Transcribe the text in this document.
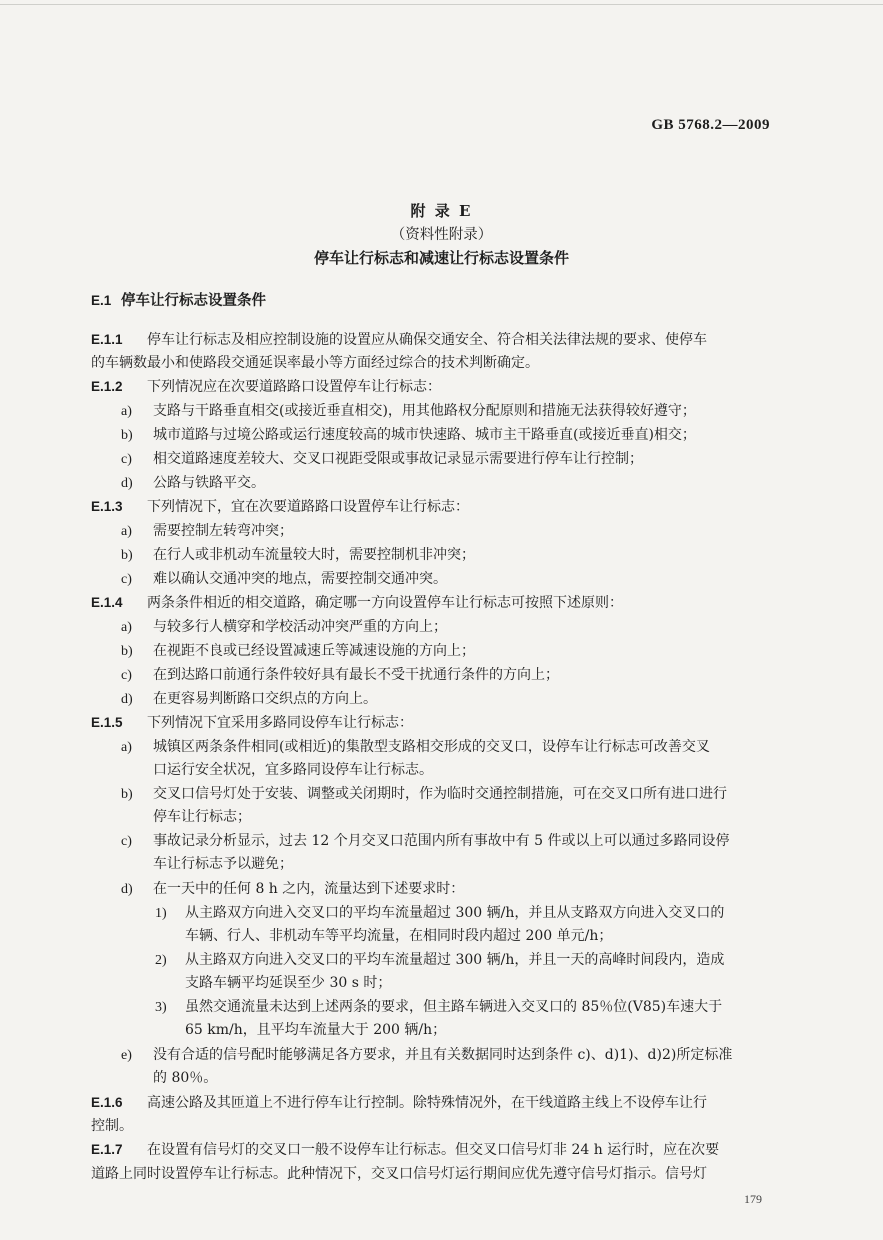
GB 5768.2—2009
附 录 E
（资料性附录）
停车让行标志和减速让行标志设置条件
E.1 停车让行标志设置条件
E.1.1 停车让行标志及相应控制设施的设置应从确保交通安全、符合相关法律法规的要求、使停车
的车辆数最小和使路段交通延误率最小等方面经过综合的技术判断确定。
E.1.2 下列情况应在次要道路路口设置停车让行标志：
a) 支路与干路垂直相交(或接近垂直相交)，用其他路权分配原则和措施无法获得较好遵守；
b) 城市道路与过境公路或运行速度较高的城市快速路、城市主干路垂直(或接近垂直)相交；
c) 相交道路速度差较大、交叉口视距受限或事故记录显示需要进行停车让行控制；
d) 公路与铁路平交。
E.1.3 下列情况下，宜在次要道路路口设置停车让行标志：
a) 需要控制左转弯冲突；
b) 在行人或非机动车流量较大时，需要控制机非冲突；
c) 难以确认交通冲突的地点，需要控制交通冲突。
E.1.4 两条条件相近的相交道路，确定哪一方向设置停车让行标志可按照下述原则：
a) 与较多行人横穿和学校活动冲突严重的方向上；
b) 在视距不良或已经设置减速丘等减速设施的方向上；
c) 在到达路口前通行条件较好具有最长不受干扰通行条件的方向上；
d) 在更容易判断路口交织点的方向上。
E.1.5 下列情况下宜采用多路同设停车让行标志：
a) 城镇区两条条件相同(或相近)的集散型支路相交形成的交叉口，设停车让行标志可改善交叉
口运行安全状况，宜多路同设停车让行标志。
b) 交叉口信号灯处于安装、调整或关闭期时，作为临时交通控制措施，可在交叉口所有进口进行
停车让行标志；
c) 事故记录分析显示，过去 12 个月交叉口范围内所有事故中有 5 件或以上可以通过多路同设停
车让行标志予以避免；
d) 在一天中的任何 8 h 之内，流量达到下述要求时：
1) 从主路双方向进入交叉口的平均车流量超过 300 辆/h，并且从支路双方向进入交叉口的
车辆、行人、非机动车等平均流量，在相同时段内超过 200 单元/h；
2) 从主路双方向进入交叉口的平均车流量超过 300 辆/h，并且一天的高峰时间段内，造成
支路车辆平均延误至少 30 s 时；
3) 虽然交通流量未达到上述两条的要求，但主路车辆进入交叉口的 85％位(V85)车速大于
65 km/h，且平均车流量大于 200 辆/h；
e) 没有合适的信号配时能够满足各方要求，并且有关数据同时达到条件 c)、d)1)、d)2)所定标准
的 80％。
E.1.6 高速公路及其匝道上不进行停车让行控制。除特殊情况外，在干线道路主线上不设停车让行
控制。
E.1.7 在设置有信号灯的交叉口一般不设停车让行标志。但交叉口信号灯非 24 h 运行时，应在次要
道路上同时设置停车让行标志。此种情况下，交叉口信号灯运行期间应优先遵守信号灯指示。信号灯
179
